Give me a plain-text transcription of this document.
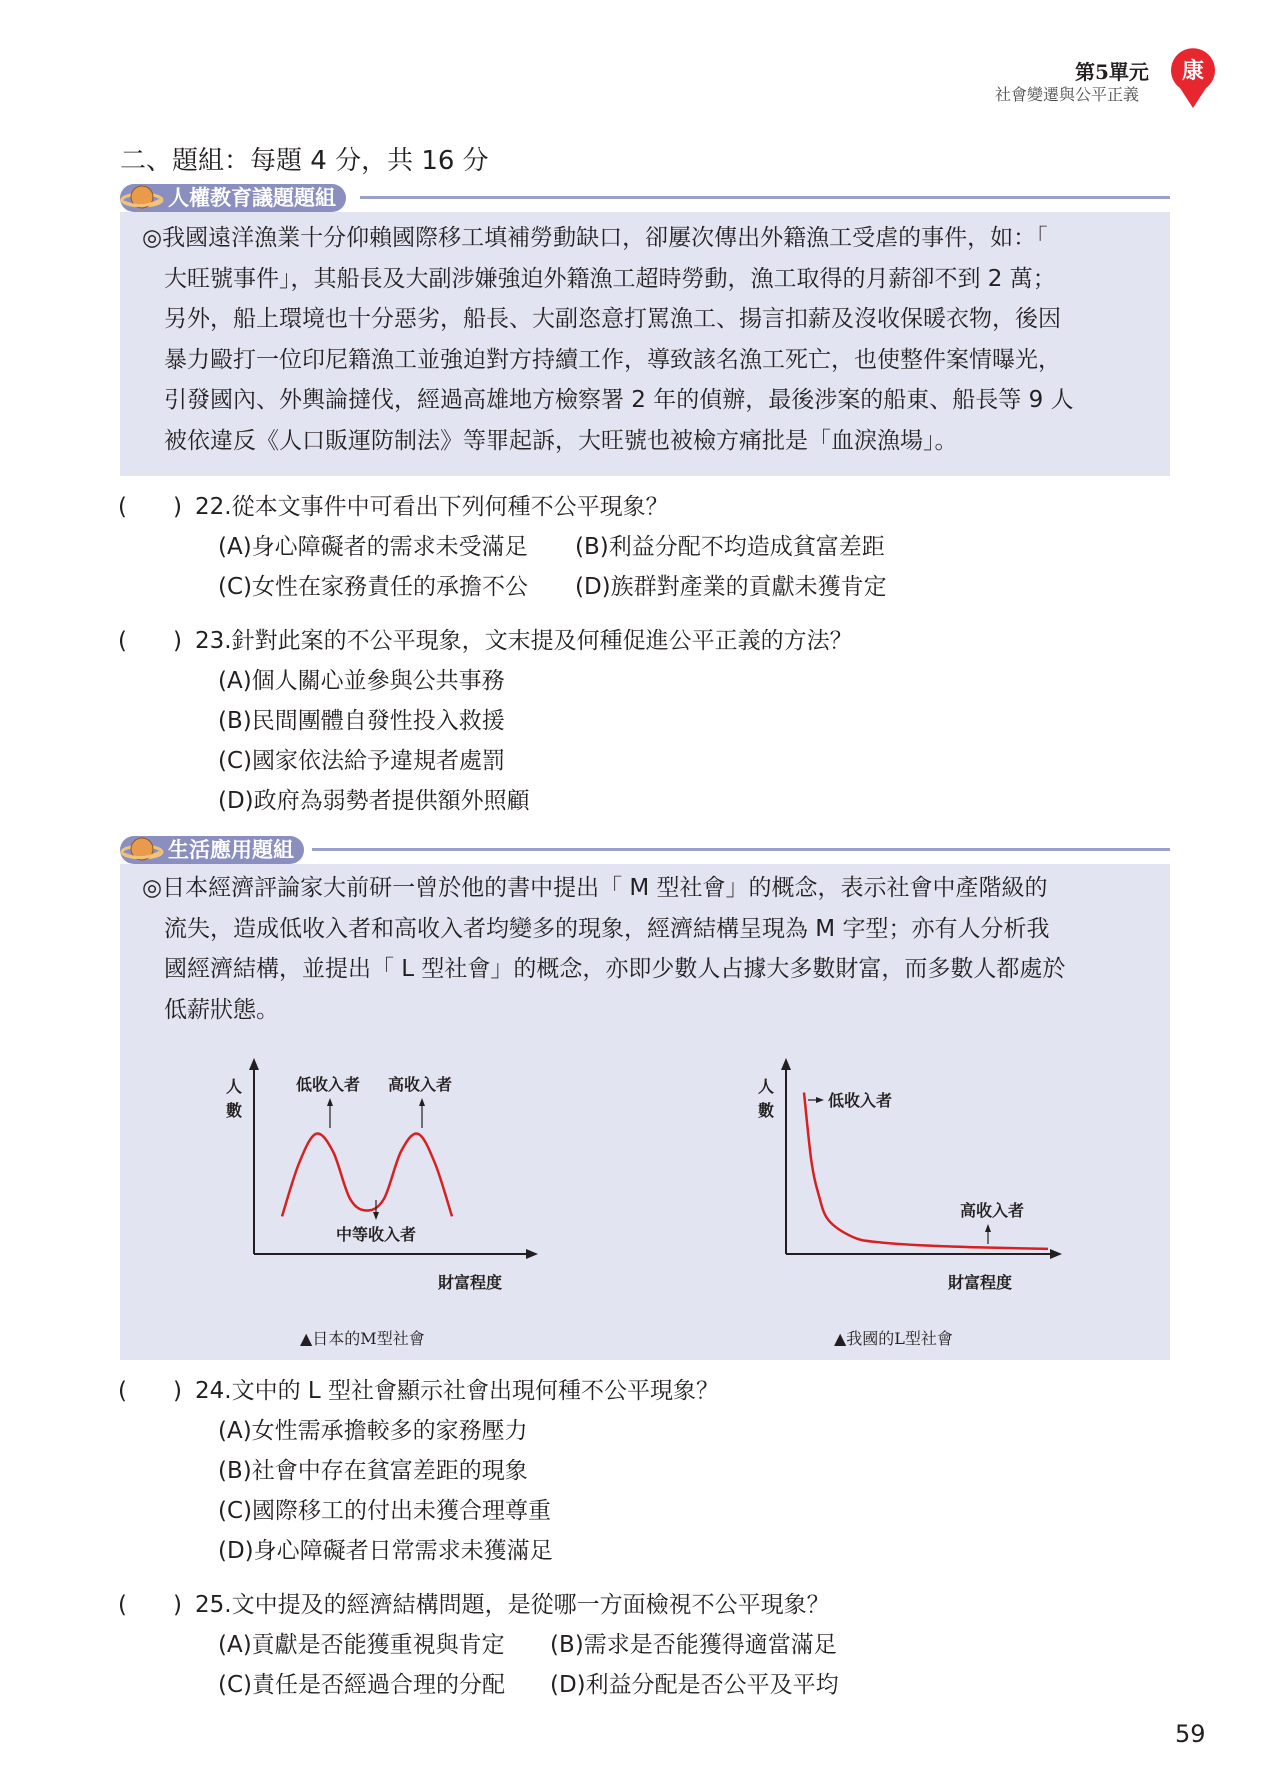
第5單元
社會變遷與公平正義
康
二、題組：每題 4 分，共 16 分
人權教育議題題組
◎我國遠洋漁業十分仰賴國際移工填補勞動缺口，卻屢次傳出外籍漁工受虐的事件，如：「
大旺號事件」，其船長及大副涉嫌強迫外籍漁工超時勞動，漁工取得的月薪卻不到 2 萬；
另外，船上環境也十分惡劣，船長、大副恣意打罵漁工、揚言扣薪及沒收保暖衣物，後因
暴力毆打一位印尼籍漁工並強迫對方持續工作，導致該名漁工死亡，也使整件案情曝光，
引發國內、外輿論撻伐，經過高雄地方檢察署 2 年的偵辦，最後涉案的船東、船長等 9 人
被依違反《人口販運防制法》等罪起訴，大旺號也被檢方痛批是「血淚漁場」。
(　　) 22.從本文事件中可看出下列何種不公平現象？
(A)身心障礙者的需求未受滿足 (B)利益分配不均造成貧富差距
(C)女性在家務責任的承擔不公 (D)族群對產業的貢獻未獲肯定
(　　) 23.針對此案的不公平現象，文末提及何種促進公平正義的方法？
(A)個人關心並參與公共事務
(B)民間團體自發性投入救援
(C)國家依法給予違規者處罰
(D)政府為弱勢者提供額外照顧
生活應用題組
◎日本經濟評論家大前研一曾於他的書中提出「 M 型社會」的概念，表示社會中產階級的
流失，造成低收入者和高收入者均變多的現象，經濟結構呈現為 M 字型；亦有人分析我
國經濟結構，並提出「 L 型社會」的概念，亦即少數人占據大多數財富，而多數人都處於
低薪狀態。
人
數
低收入者 高收入者
中等收入者
財富程度
▲日本的M型社會
人
數
低收入者
高收入者
財富程度
▲我國的L型社會
(　　) 24.文中的 L 型社會顯示社會出現何種不公平現象？
(A)女性需承擔較多的家務壓力
(B)社會中存在貧富差距的現象
(C)國際移工的付出未獲合理尊重
(D)身心障礙者日常需求未獲滿足
(　　) 25.文中提及的經濟結構問題，是從哪一方面檢視不公平現象？
(A)貢獻是否能獲重視與肯定 (B)需求是否能獲得適當滿足
(C)責任是否經過合理的分配 (D)利益分配是否公平及平均
59
